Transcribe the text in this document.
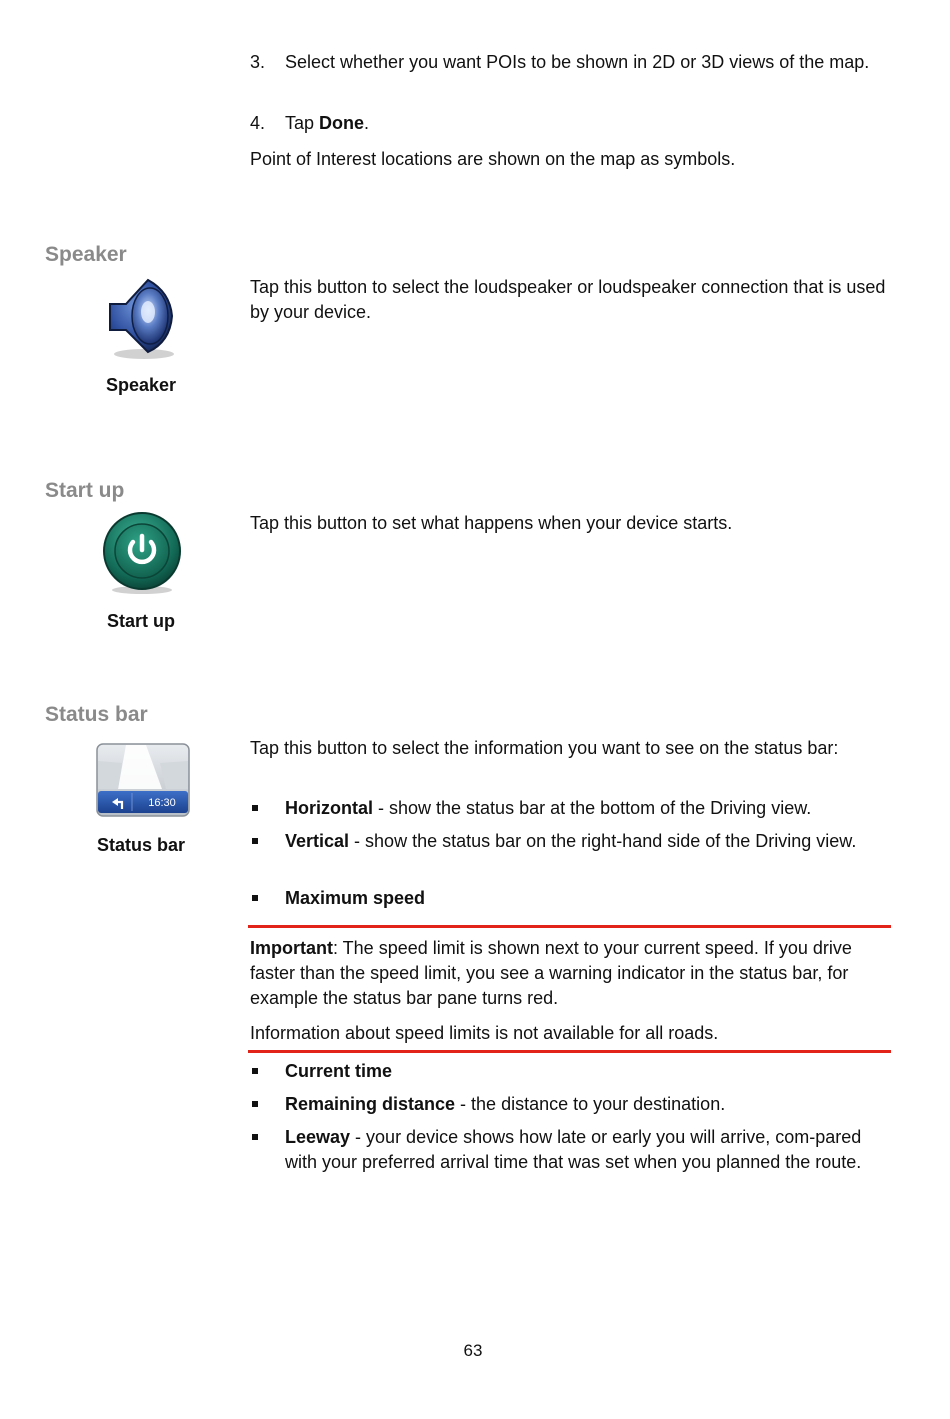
3. Select whether you want POIs to be shown in 2D or 3D views of the map.
4. Tap Done.

Point of Interest locations are shown on the map as symbols.

Speaker
Speaker

Tap this button to select the loudspeaker or loudspeaker connection that is used by your device.

Start up
Start up

Tap this button to set what happens when your device starts.

Status bar
16:30
Status bar

Tap this button to select the information you want to see on the status bar:

Horizontal - show the status bar at the bottom of the Driving view.
Vertical - show the status bar on the right-hand side of the Driving view.
Maximum speed

Important: The speed limit is shown next to your current speed. If you drive faster than the speed limit, you see a warning indicator in the status bar, for example the status bar pane turns red.

Information about speed limits is not available for all roads.

Current time
Remaining distance - the distance to your destination.
Leeway - your device shows how late or early you will arrive, com-pared with your preferred arrival time that was set when you planned the route.
63
